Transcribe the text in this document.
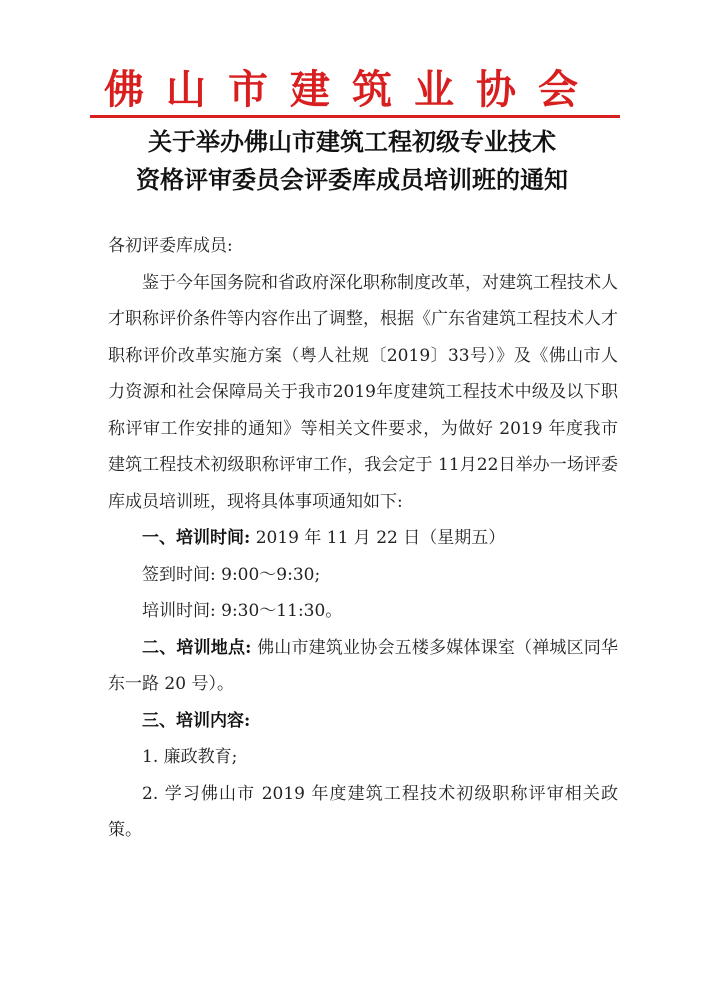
佛山市建筑业协会
关于举办佛山市建筑工程初级专业技术
资格评审委员会评委库成员培训班的通知

各初评委库成员:

鉴于今年国务院和省政府深化职称制度改革，对建筑工程技术人才职称评价条件等内容作出了调整，根据《广东省建筑工程技术人才职称评价改革实施方案（粤人社规〔2019〕33号）》及《佛山市人力资源和社会保障局关于我市2019年度建筑工程技术中级及以下职称评审工作安排的通知》等相关文件要求，为做好 2019 年度我市建筑工程技术初级职称评审工作，我会定于 11月22日举办一场评委库成员培训班，现将具体事项通知如下:

一、培训时间: 2019 年 11 月 22 日（星期五）

签到时间: 9:00～9:30;

培训时间: 9:30～11:30。

二、培训地点: 佛山市建筑业协会五楼多媒体课室（禅城区同华东一路 20 号）。

三、培训内容:

1. 廉政教育;

2. 学习佛山市 2019 年度建筑工程技术初级职称评审相关政策。
